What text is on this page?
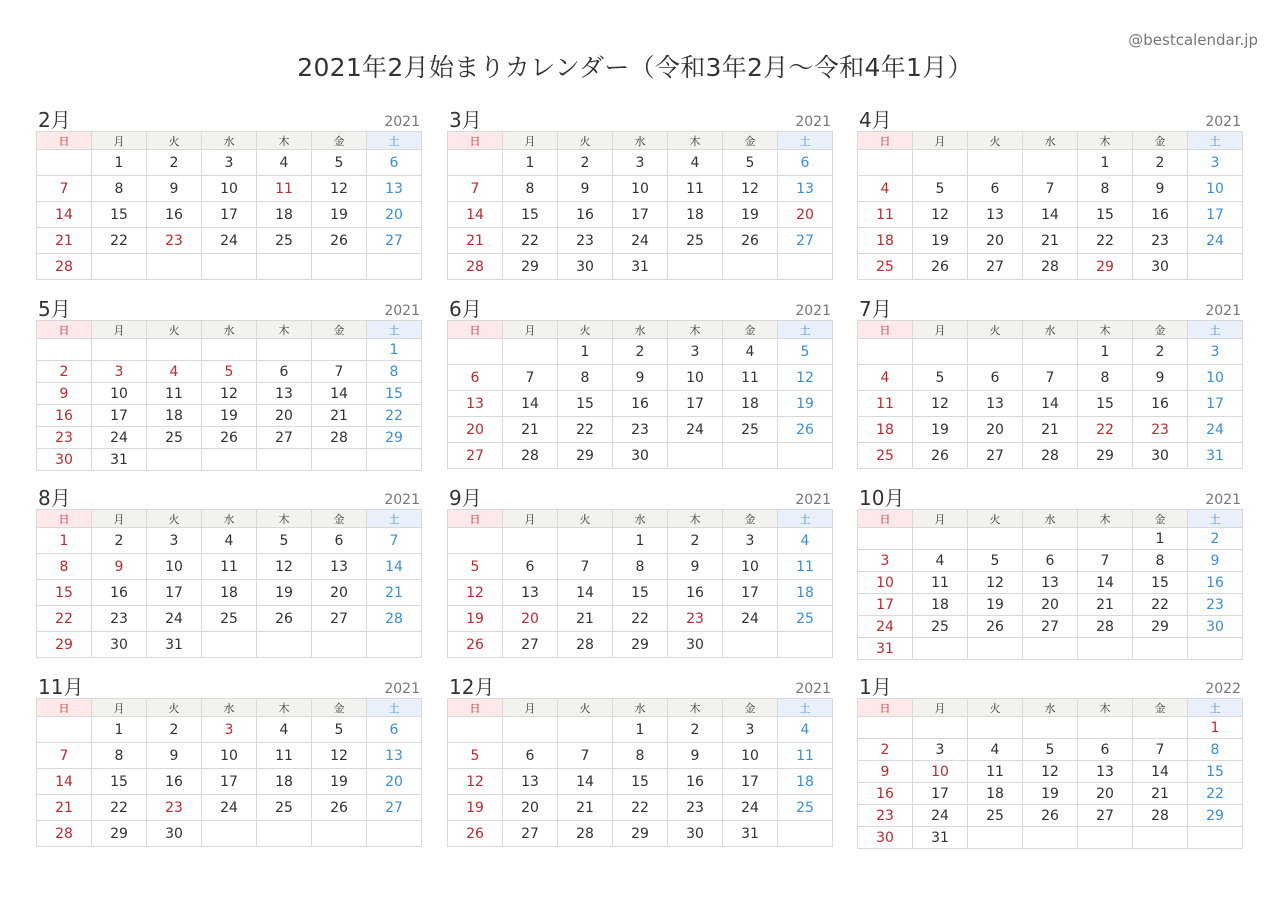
@bestcalendar.jp
2021年2月始まりカレンダー（令和3年2月～令和4年1月）
2月	2021
日	月	火	水	木	金	土
	1	2	3	4	5	6
7	8	9	10	11	12	13
14	15	16	17	18	19	20
21	22	23	24	25	26	27
28						
3月	2021
日	月	火	水	木	金	土
	1	2	3	4	5	6
7	8	9	10	11	12	13
14	15	16	17	18	19	20
21	22	23	24	25	26	27
28	29	30	31			
4月	2021
日	月	火	水	木	金	土
				1	2	3
4	5	6	7	8	9	10
11	12	13	14	15	16	17
18	19	20	21	22	23	24
25	26	27	28	29	30	
5月	2021
日	月	火	水	木	金	土
						1
2	3	4	5	6	7	8
9	10	11	12	13	14	15
16	17	18	19	20	21	22
23	24	25	26	27	28	29
30	31					
6月	2021
日	月	火	水	木	金	土
		1	2	3	4	5
6	7	8	9	10	11	12
13	14	15	16	17	18	19
20	21	22	23	24	25	26
27	28	29	30			
7月	2021
日	月	火	水	木	金	土
				1	2	3
4	5	6	7	8	9	10
11	12	13	14	15	16	17
18	19	20	21	22	23	24
25	26	27	28	29	30	31
8月	2021
日	月	火	水	木	金	土
1	2	3	4	5	6	7
8	9	10	11	12	13	14
15	16	17	18	19	20	21
22	23	24	25	26	27	28
29	30	31				
9月	2021
日	月	火	水	木	金	土
			1	2	3	4
5	6	7	8	9	10	11
12	13	14	15	16	17	18
19	20	21	22	23	24	25
26	27	28	29	30		
10月	2021
日	月	火	水	木	金	土
					1	2
3	4	5	6	7	8	9
10	11	12	13	14	15	16
17	18	19	20	21	22	23
24	25	26	27	28	29	30
31						
11月	2021
日	月	火	水	木	金	土
	1	2	3	4	5	6
7	8	9	10	11	12	13
14	15	16	17	18	19	20
21	22	23	24	25	26	27
28	29	30				
12月	2021
日	月	火	水	木	金	土
			1	2	3	4
5	6	7	8	9	10	11
12	13	14	15	16	17	18
19	20	21	22	23	24	25
26	27	28	29	30	31	
1月	2022
日	月	火	水	木	金	土
						1
2	3	4	5	6	7	8
9	10	11	12	13	14	15
16	17	18	19	20	21	22
23	24	25	26	27	28	29
30	31					
